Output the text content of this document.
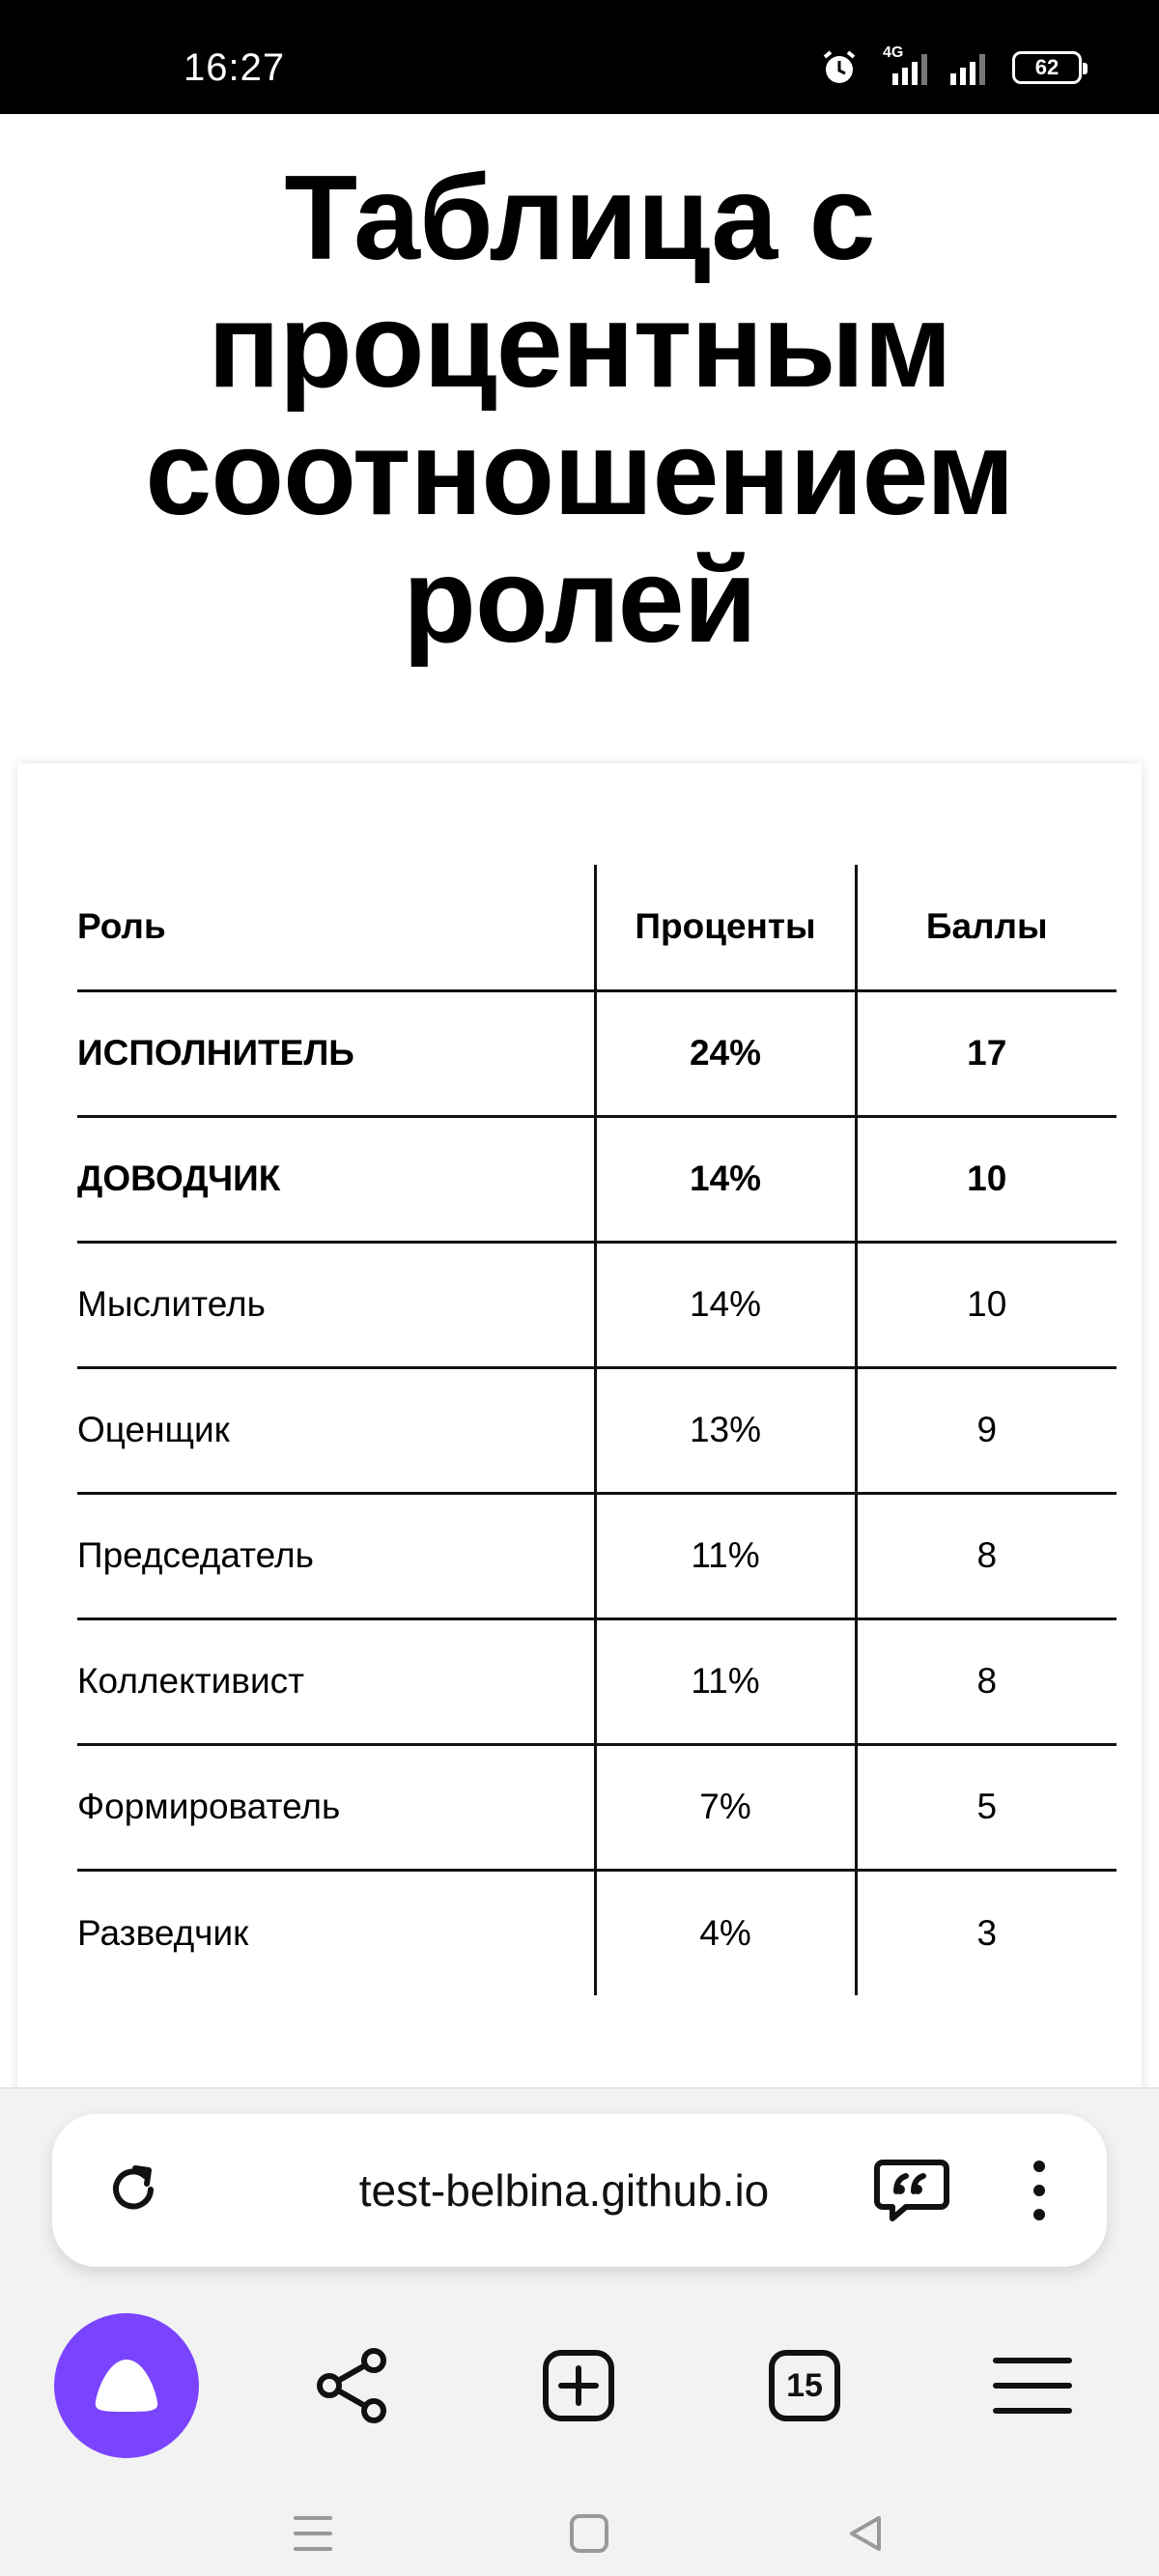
16:27	4G
62
Таблица с процентным соотношением ролей
Роль	Проценты	Баллы
ИСПОЛНИТЕЛЬ	24%	17
ДОВОДЧИК	14%	10
Мыслитель	14%	10
Оценщик	13%	9
Председатель	11%	8
Коллективист	11%	8
Формирователь	7%	5
Разведчик	4%	3
test-belbina.github.io
15
